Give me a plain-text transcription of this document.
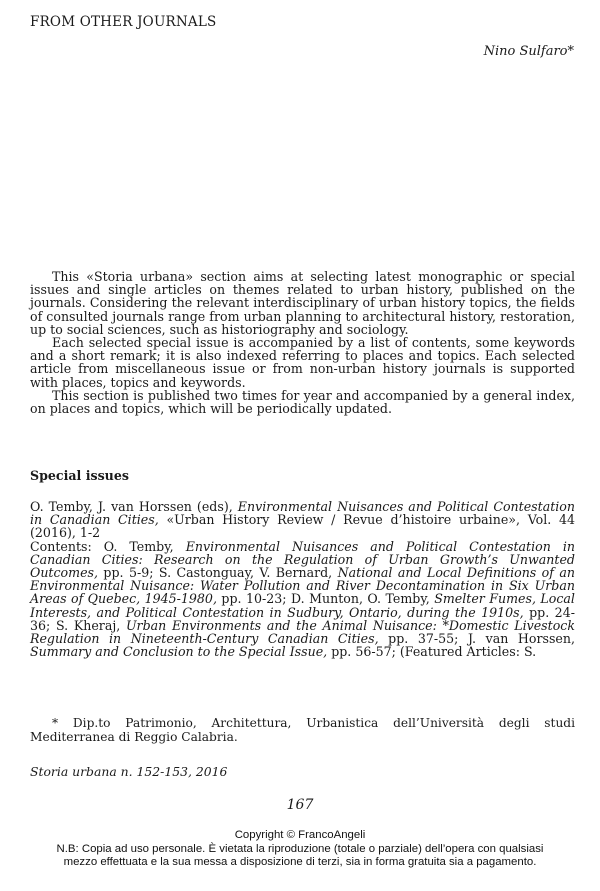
FROM OTHER JOURNALS
Nino Sulfaro*

This «Storia urbana» section aims at selecting latest monographic or special issues and single articles on themes related to urban history, published on the journals. Considering the relevant interdisciplinary of urban history topics, the fields of consulted journals range from urban planning to architectural history, restoration, up to social sciences, such as historiography and sociology.

Each selected special issue is accompanied by a list of contents, some keywords and a short remark; it is also indexed referring to places and topics. Each selected article from miscellaneous issue or from non-urban history journals is supported with places, topics and keywords.

This section is published two times for year and accompanied by a general index, on places and topics, which will be periodically updated.

Special issues

O. Temby, J. van Horssen (eds), Environmental Nuisances and Political Contestation in Canadian Cities, «Urban History Review / Revue d’histoire urbaine», Vol. 44 (2016), 1-2

Contents: O. Temby, Environmental Nuisances and Political Contestation in Canadian Cities: Research on the Regulation of Urban Growth’s Unwanted Outcomes, pp. 5-9; S. Castonguay, V. Bernard, National and Local Definitions of an Environmental Nuisance: Water Pollution and River Decontamination in Six Urban Areas of Quebec, 1945-1980, pp. 10-23; D. Munton, O. Temby, Smelter Fumes, Local Interests, and Political Contestation in Sudbury, Ontario, during the 1910s, pp. 24-36; S. Kheraj, Urban Environments and the Animal Nuisance: *Domestic Livestock Regulation in Nineteenth-Century Canadian Cities, pp. 37-55; J. van Horssen, Summary and Conclusion to the Special Issue, pp. 56-57; (Featured Articles: S.

* Dip.to Patrimonio, Architettura, Urbanistica dell’Università degli studi Mediterranea di Reggio Calabria.
Storia urbana n. 152-153, 2016
167
Copyright © FrancoAngeli
N.B: Copia ad uso personale. È vietata la riproduzione (totale o parziale) dell’opera con qualsiasi
mezzo effettuata e la sua messa a disposizione di terzi, sia in forma gratuita sia a pagamento.
